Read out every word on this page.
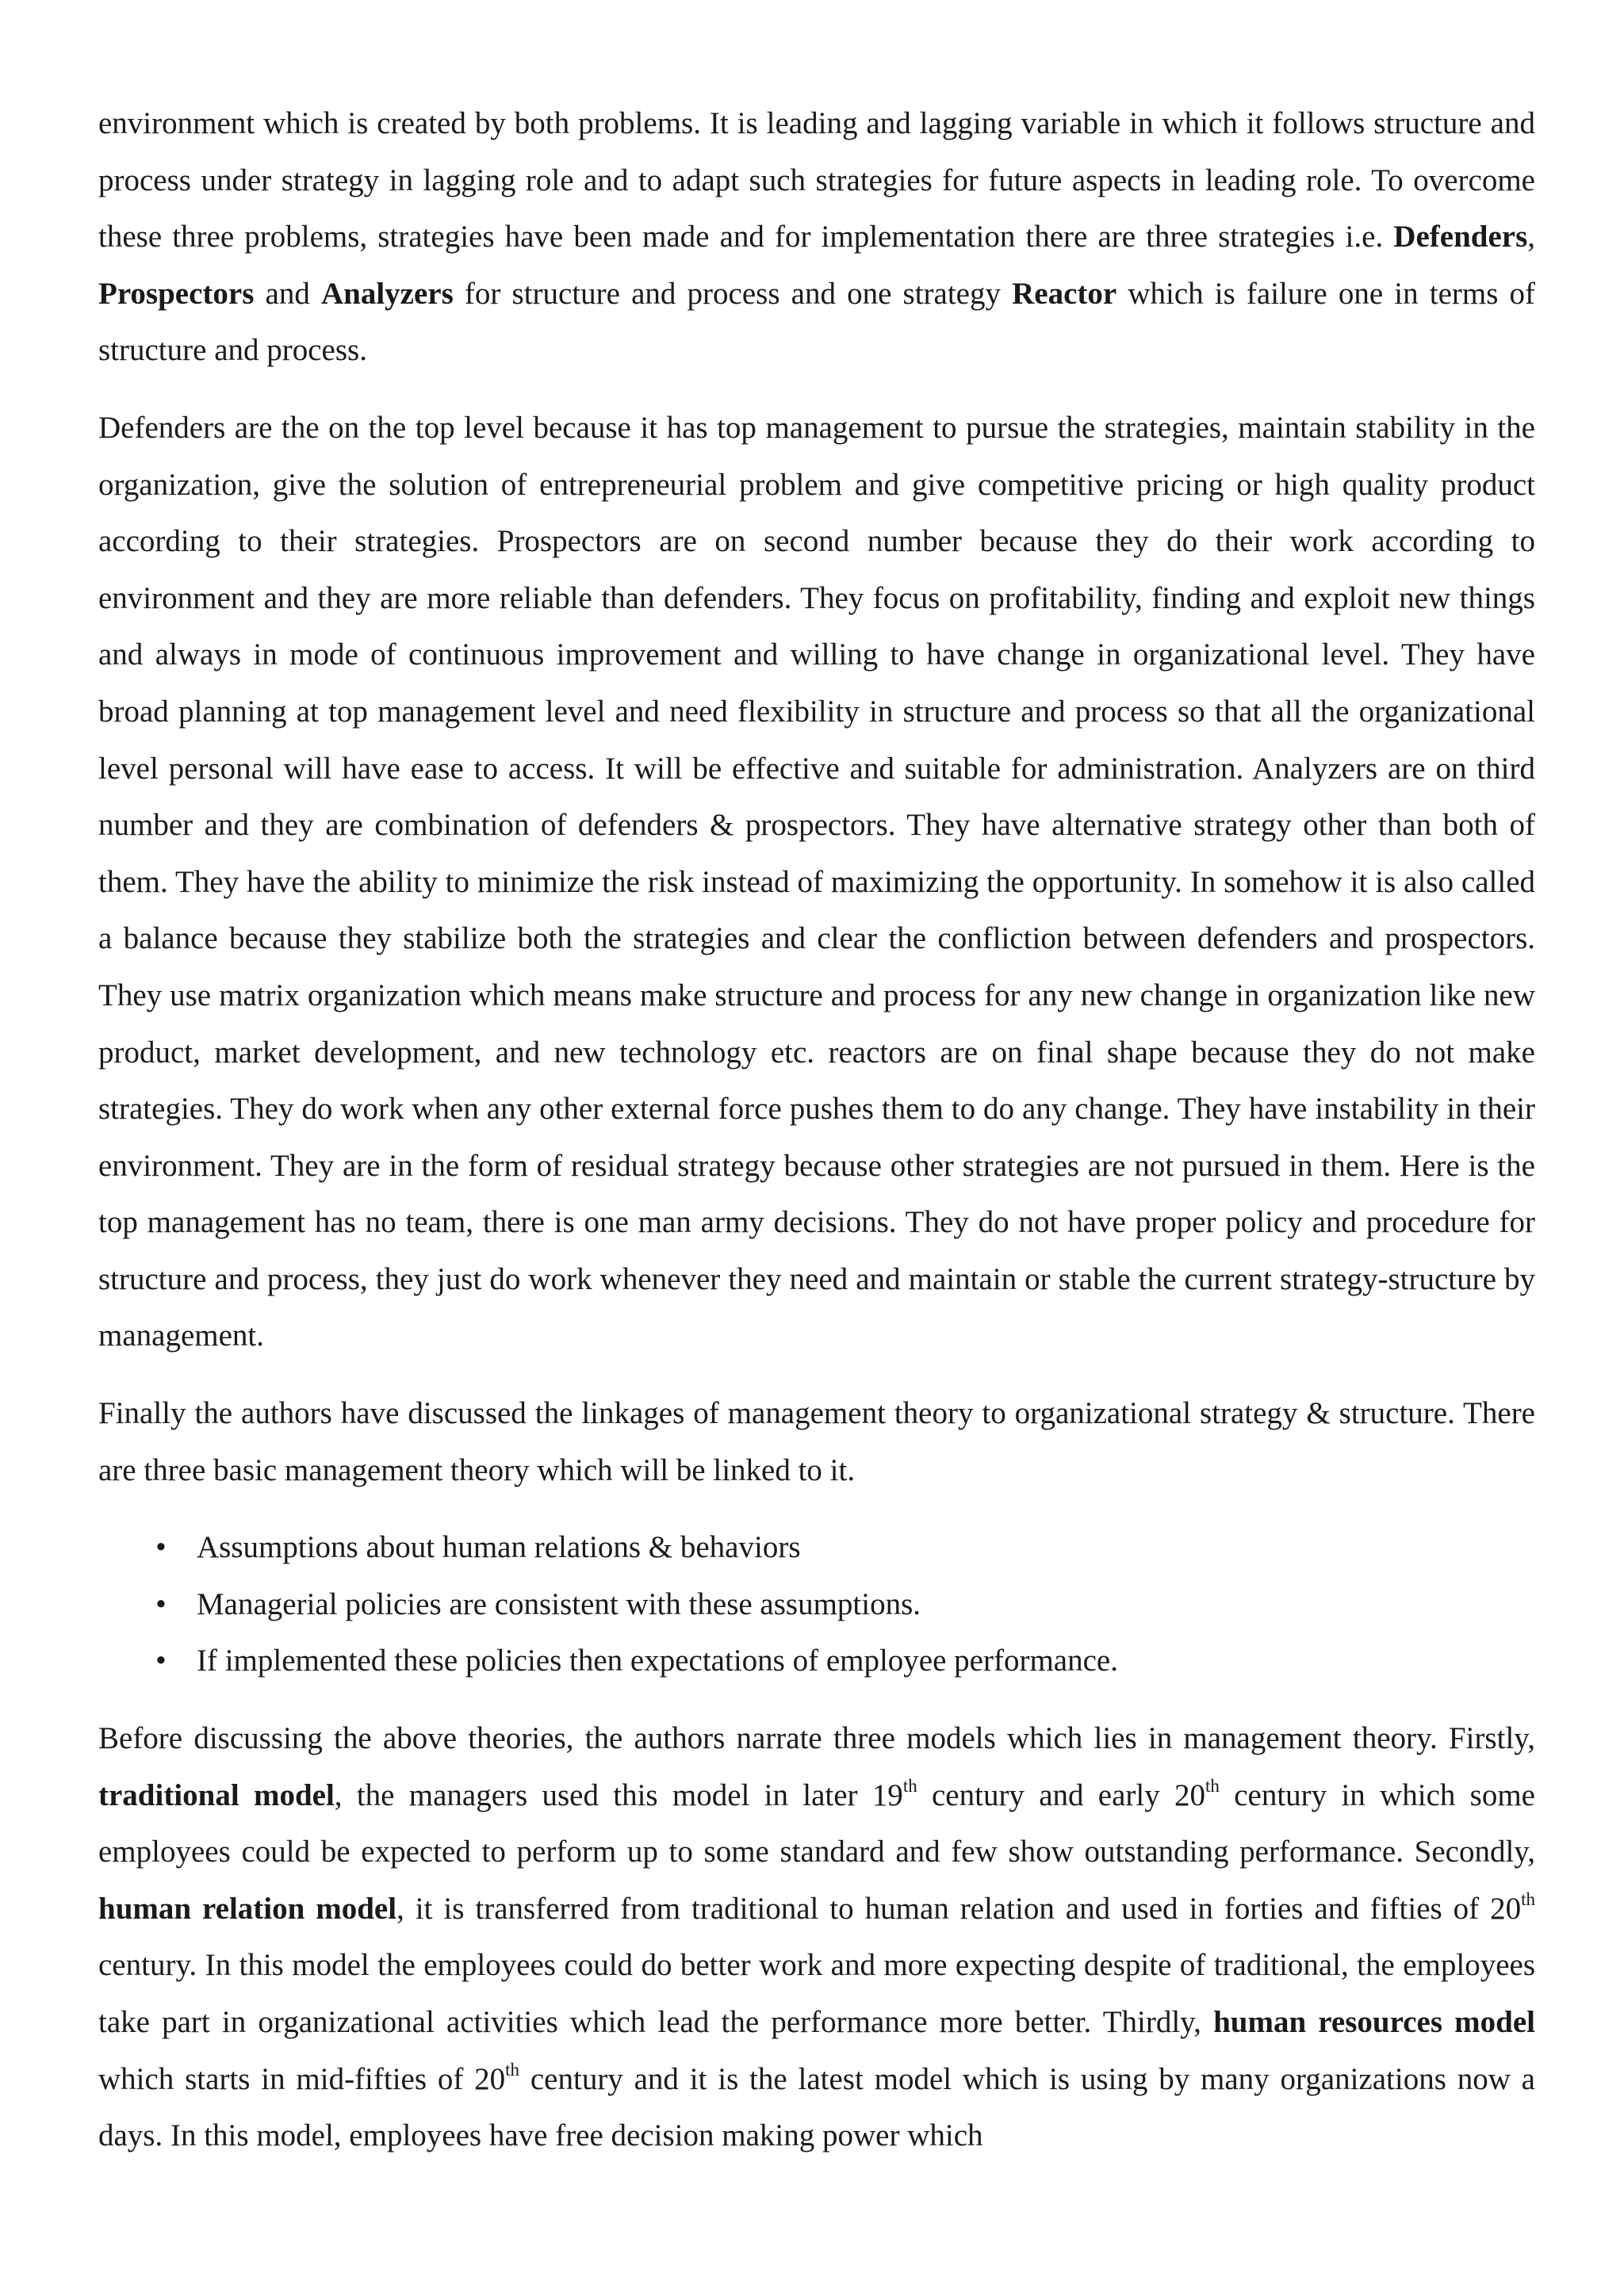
environment which is created by both problems. It is leading and lagging variable in which it follows structure and process under strategy in lagging role and to adapt such strategies for future aspects in leading role. To overcome these three problems, strategies have been made and for implementation there are three strategies i.e. Defenders, Prospectors and Analyzers for structure and process and one strategy Reactor which is failure one in terms of structure and process.

Defenders are the on the top level because it has top management to pursue the strategies, maintain stability in the organization, give the solution of entrepreneurial problem and give competitive pricing or high quality product according to their strategies. Prospectors are on second number because they do their work according to environment and they are more reliable than defenders. They focus on profitability, finding and exploit new things and always in mode of continuous improvement and willing to have change in organizational level. They have broad planning at top management level and need flexibility in structure and process so that all the organizational level personal will have ease to access. It will be effective and suitable for administration. Analyzers are on third number and they are combination of defenders & prospectors. They have alternative strategy other than both of them. They have the ability to minimize the risk instead of maximizing the opportunity. In somehow it is also called a balance because they stabilize both the strategies and clear the confliction between defenders and prospectors. They use matrix organization which means make structure and process for any new change in organization like new product, market development, and new technology etc. reactors are on final shape because they do not make strategies. They do work when any other external force pushes them to do any change. They have instability in their environment. They are in the form of residual strategy because other strategies are not pursued in them. Here is the top management has no team, there is one man army decisions. They do not have proper policy and procedure for structure and process, they just do work whenever they need and maintain or stable the current strategy-structure by management.

Finally the authors have discussed the linkages of management theory to organizational strategy & structure. There are three basic management theory which will be linked to it.

• Assumptions about human relations & behaviors
• Managerial policies are consistent with these assumptions.
• If implemented these policies then expectations of employee performance.

Before discussing the above theories, the authors narrate three models which lies in management theory. Firstly, traditional model, the managers used this model in later 19th century and early 20th century in which some employees could be expected to perform up to some standard and few show outstanding performance. Secondly, human relation model, it is transferred from traditional to human relation and used in forties and fifties of 20th century. In this model the employees could do better work and more expecting despite of traditional, the employees take part in organizational activities which lead the performance more better. Thirdly, human resources model which starts in mid-fifties of 20th century and it is the latest model which is using by many organizations now a days. In this model, employees have free decision making power which
